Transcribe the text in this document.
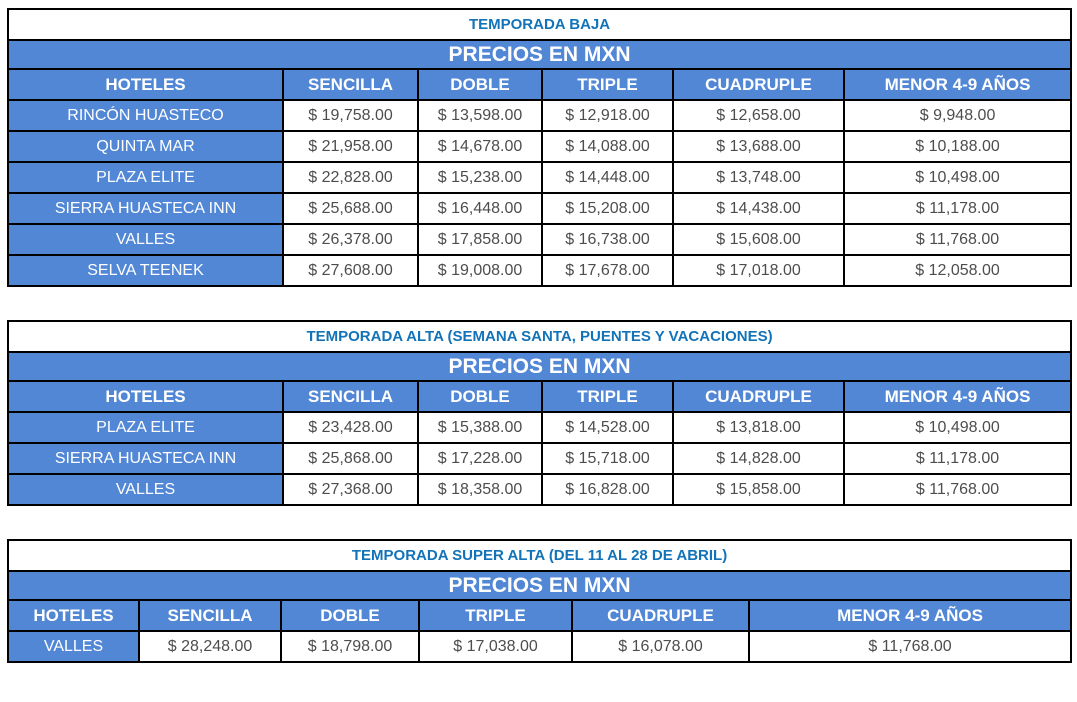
TEMPORADA BAJA					
PRECIOS EN MXN					
HOTELES	SENCILLA	DOBLE	TRIPLE	CUADRUPLE	MENOR 4-9 AÑOS
RINCÓN HUASTECO	$ 19,758.00	$ 13,598.00	$ 12,918.00	$ 12,658.00	$ 9,948.00
QUINTA MAR	$ 21,958.00	$ 14,678.00	$ 14,088.00	$ 13,688.00	$ 10,188.00
PLAZA ELITE	$ 22,828.00	$ 15,238.00	$ 14,448.00	$ 13,748.00	$ 10,498.00
SIERRA HUASTECA INN	$ 25,688.00	$ 16,448.00	$ 15,208.00	$ 14,438.00	$ 11,178.00
VALLES	$ 26,378.00	$ 17,858.00	$ 16,738.00	$ 15,608.00	$ 11,768.00
SELVA TEENEK	$ 27,608.00	$ 19,008.00	$ 17,678.00	$ 17,018.00	$ 12,058.00
TEMPORADA ALTA (SEMANA SANTA, PUENTES Y VACACIONES)					
PRECIOS EN MXN					
HOTELES	SENCILLA	DOBLE	TRIPLE	CUADRUPLE	MENOR 4-9 AÑOS
PLAZA ELITE	$ 23,428.00	$ 15,388.00	$ 14,528.00	$ 13,818.00	$ 10,498.00
SIERRA HUASTECA INN	$ 25,868.00	$ 17,228.00	$ 15,718.00	$ 14,828.00	$ 11,178.00
VALLES	$ 27,368.00	$ 18,358.00	$ 16,828.00	$ 15,858.00	$ 11,768.00
TEMPORADA SUPER ALTA (DEL 11 AL 28 DE ABRIL)					
PRECIOS EN MXN					
HOTELES	SENCILLA	DOBLE	TRIPLE	CUADRUPLE	MENOR 4-9 AÑOS
VALLES	$ 28,248.00	$ 18,798.00	$ 17,038.00	$ 16,078.00	$ 11,768.00
